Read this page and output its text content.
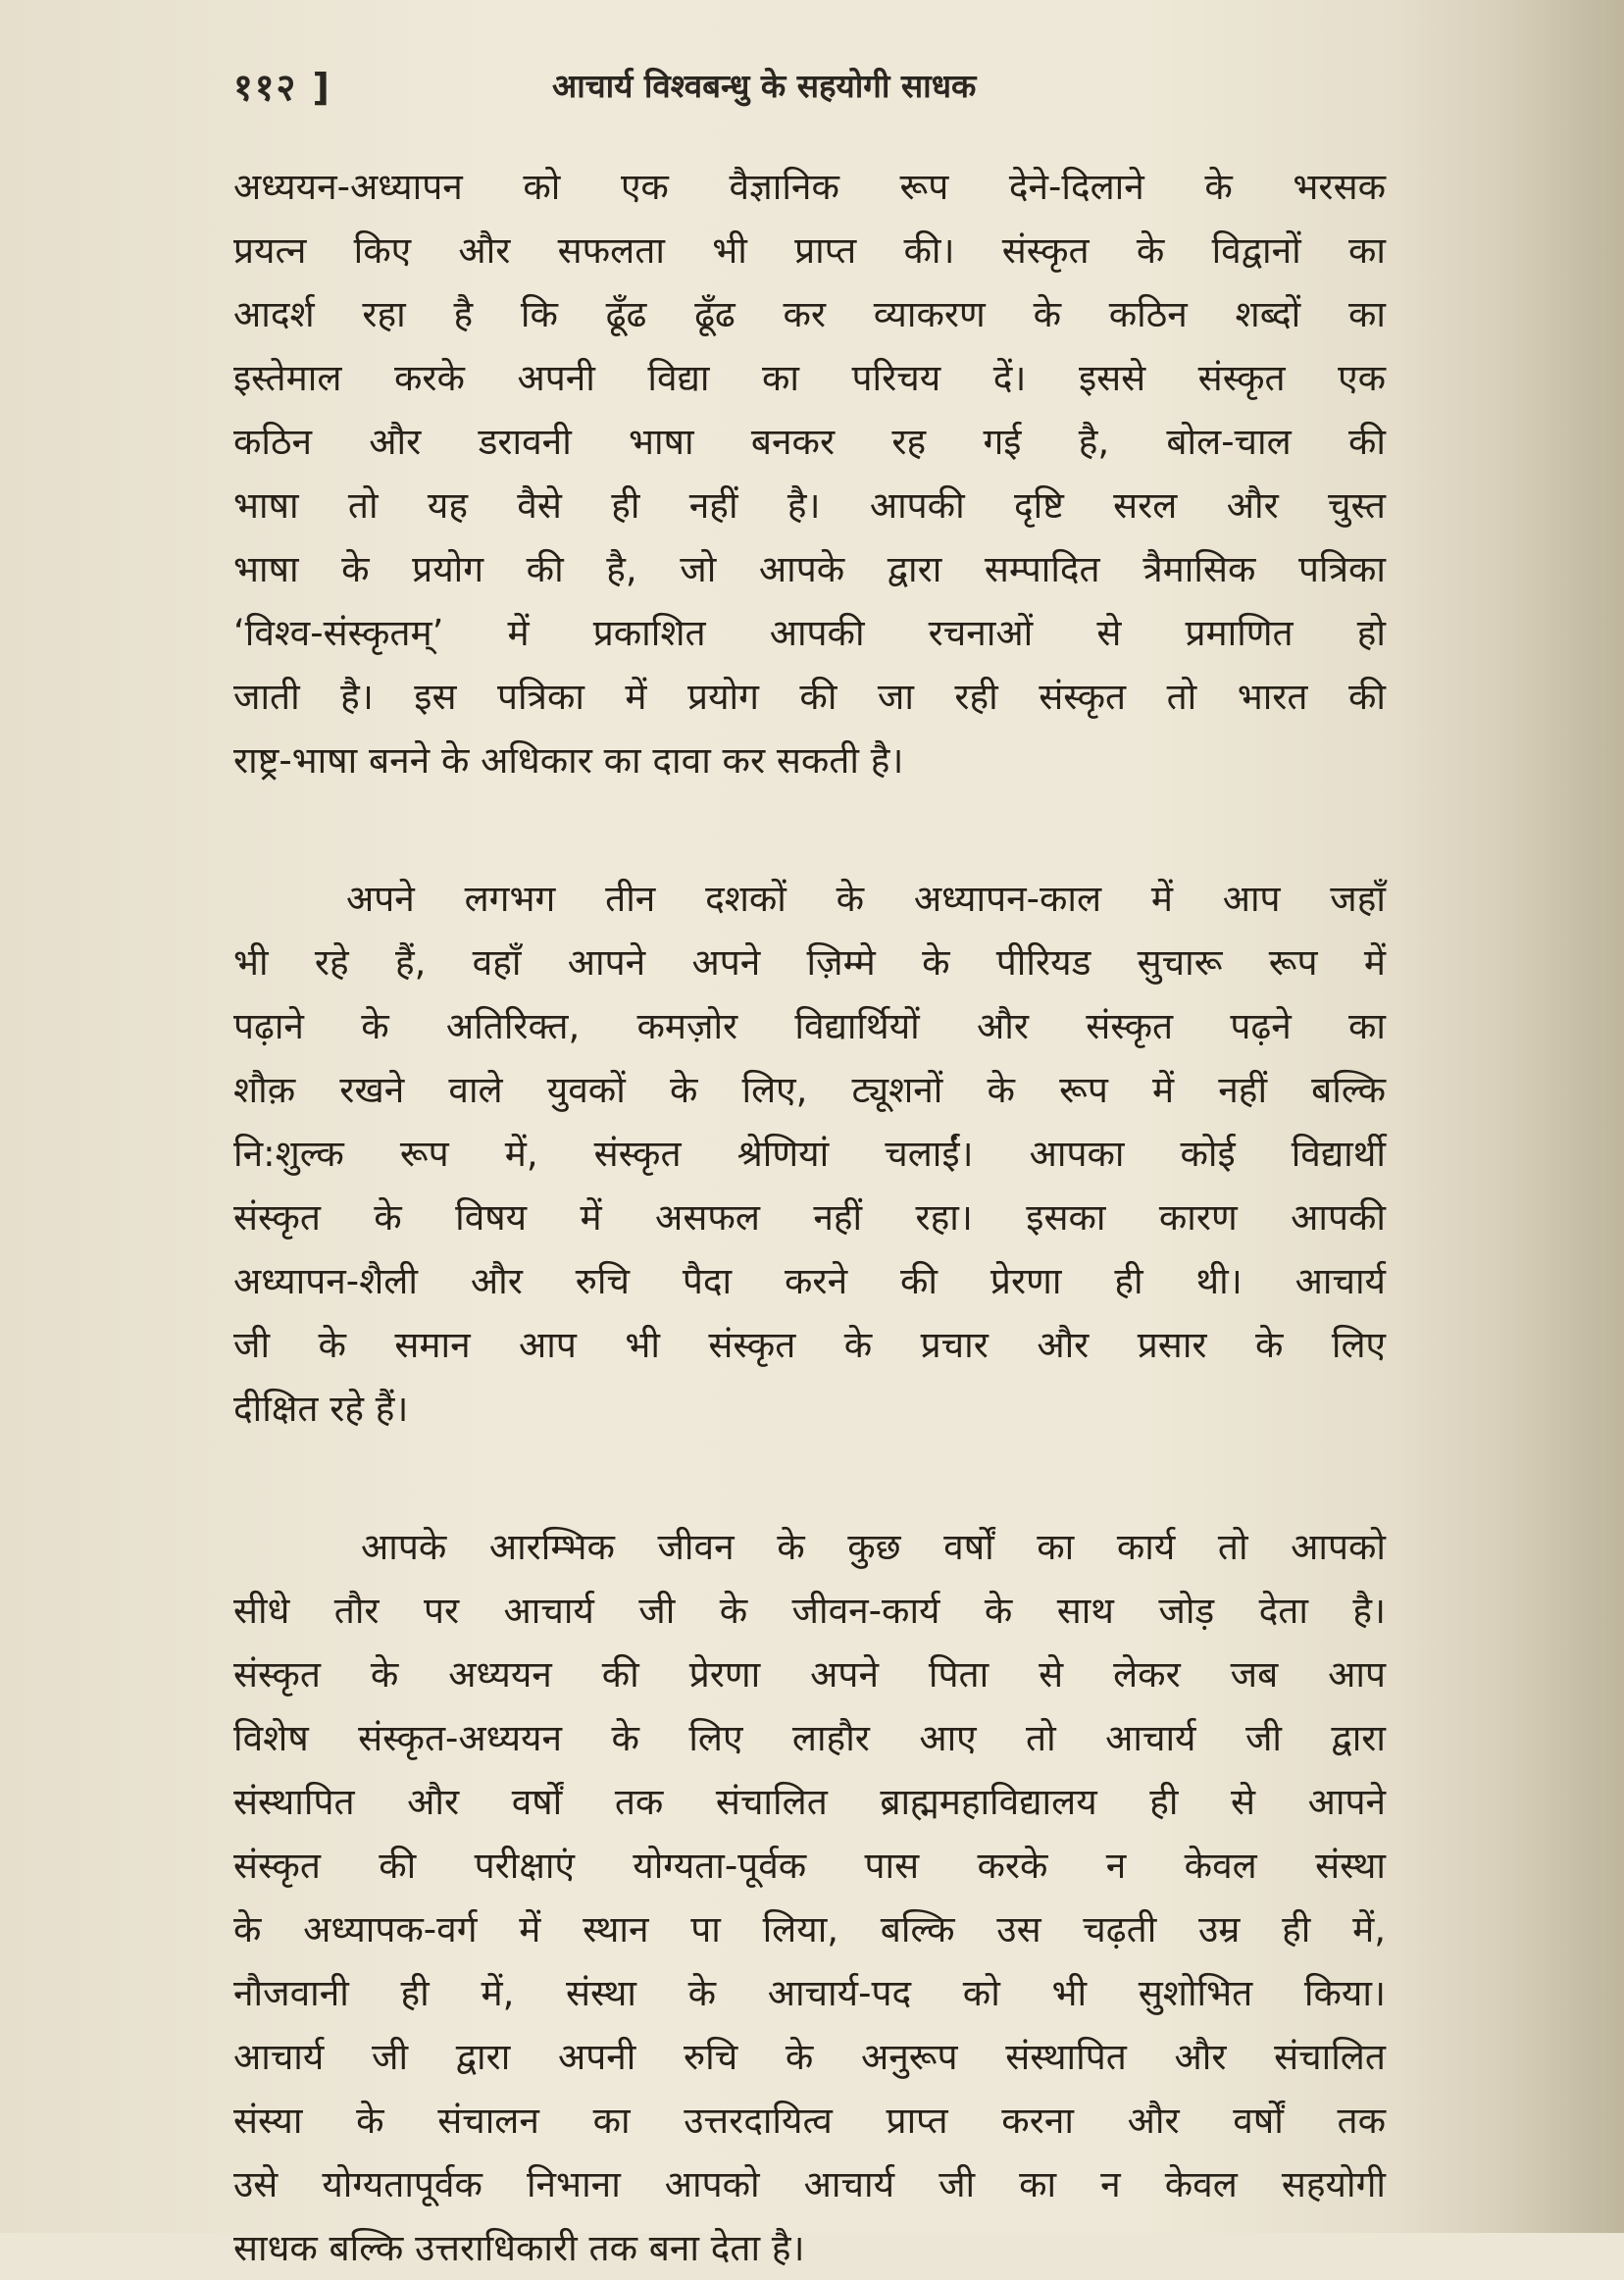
११२ ]	आचार्य विश्वबन्धु के सहयोगी साधक

अध्ययन-अध्यापन को एक वैज्ञानिक रूप देने-दिलाने के भरसक
प्रयत्न किए और सफलता भी प्राप्त की। संस्कृत के विद्वानों का
आदर्श रहा है कि ढूँढ ढूँढ कर व्याकरण के कठिन शब्दों का
इस्तेमाल करके अपनी विद्या का परिचय दें। इससे संस्कृत एक
कठिन और डरावनी भाषा बनकर रह गई है, बोल-चाल की
भाषा तो यह वैसे ही नहीं है। आपकी दृष्टि सरल और चुस्त
भाषा के प्रयोग की है, जो आपके द्वारा सम्पादित त्रैमासिक पत्रिका
‘विश्व-संस्कृतम्’ में प्रकाशित आपकी रचनाओं से प्रमाणित हो
जाती है। इस पत्रिका में प्रयोग की जा रही संस्कृत तो भारत की
राष्ट्र-भाषा बनने के अधिकार का दावा कर सकती है।

अपने लगभग तीन दशकों के अध्यापन-काल में आप जहाँ
भी रहे हैं, वहाँ आपने अपने ज़िम्मे के पीरियड सुचारू रूप में
पढ़ाने के अतिरिक्त, कमज़ोर विद्यार्थियों और संस्कृत पढ़ने का
शौक़ रखने वाले युवकों के लिए, ट्यूशनों के रूप में नहीं बल्कि
नि:शुल्क रूप में, संस्कृत श्रेणियां चलाईं। आपका कोई विद्यार्थी
संस्कृत के विषय में असफल नहीं रहा। इसका कारण आपकी
अध्यापन-शैली और रुचि पैदा करने की प्रेरणा ही थी। आचार्य
जी के समान आप भी संस्कृत के प्रचार और प्रसार के लिए
दीक्षित रहे हैं।

आपके आरम्भिक जीवन के कुछ वर्षों का कार्य तो आपको
सीधे तौर पर आचार्य जी के जीवन-कार्य के साथ जोड़ देता है।
संस्कृत के अध्ययन की प्रेरणा अपने पिता से लेकर जब आप
विशेष संस्कृत-अध्ययन के लिए लाहौर आए तो आचार्य जी द्वारा
संस्थापित और वर्षों तक संचालित ब्राह्ममहाविद्यालय ही से आपने
संस्कृत की परीक्षाएं योग्यता-पूर्वक पास करके न केवल संस्था
के अध्यापक-वर्ग में स्थान पा लिया, बल्कि उस चढ़ती उम्र ही में,
नौजवानी ही में, संस्था के आचार्य-पद को भी सुशोभित किया।
आचार्य जी द्वारा अपनी रुचि के अनुरूप संस्थापित और संचालित
संस्या के संचालन का उत्तरदायित्व प्राप्त करना और वर्षों तक
उसे योग्यतापूर्वक निभाना आपको आचार्य जी का न केवल सहयोगी
साधक बल्कि उत्तराधिकारी तक बना देता है।
